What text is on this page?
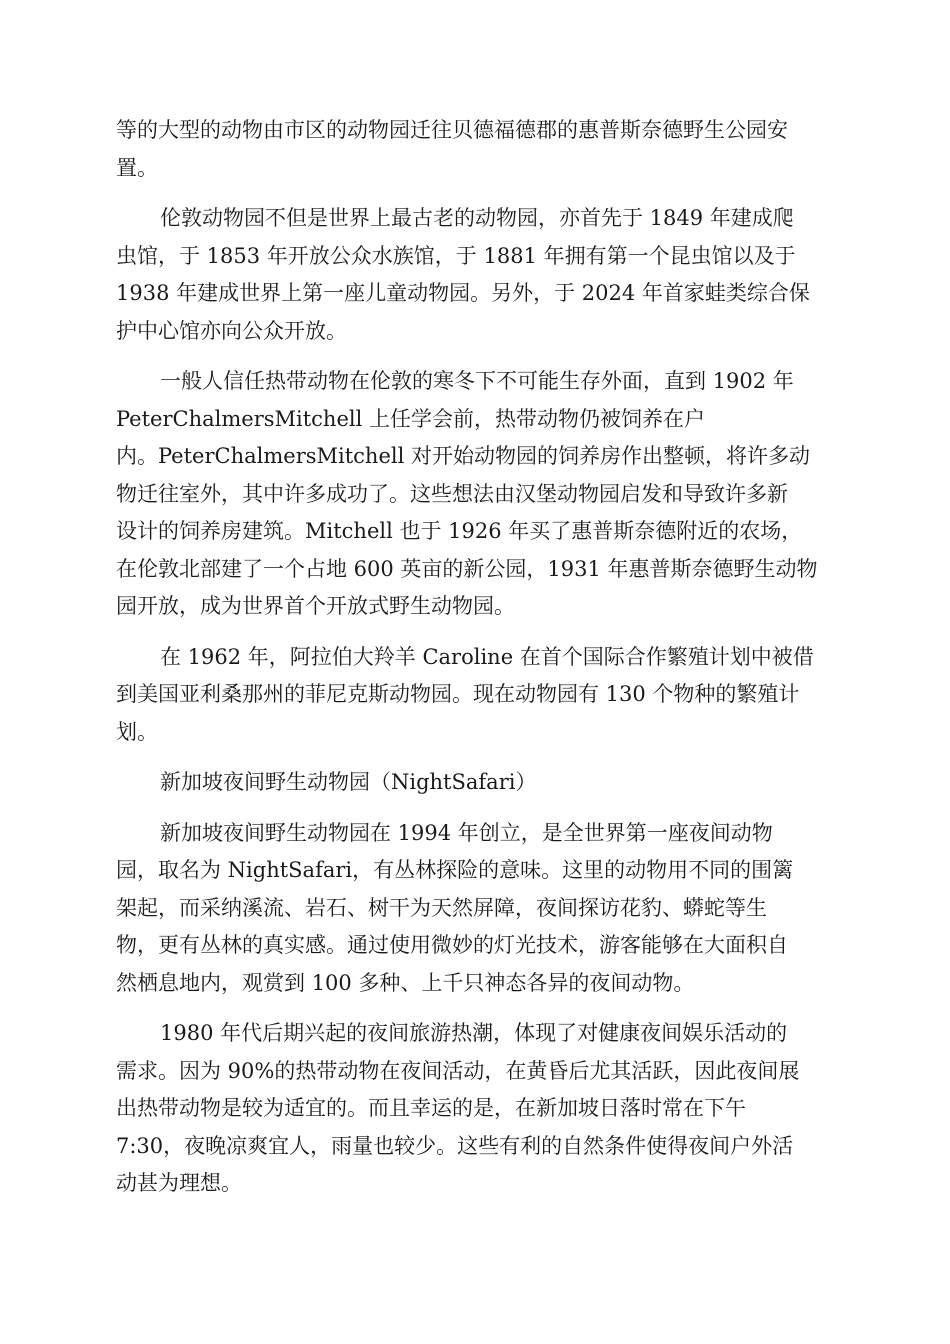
等的大型的动物由市区的动物园迁往贝德福德郡的惠普斯奈德野生公园安
置。
伦敦动物园不但是世界上最古老的动物园，亦首先于 1849 年建成爬
虫馆，于 1853 年开放公众水族馆，于 1881 年拥有第一个昆虫馆以及于
1938 年建成世界上第一座儿童动物园。另外，于 2024 年首家蛙类综合保
护中心馆亦向公众开放。
一般人信任热带动物在伦敦的寒冬下不可能生存外面，直到 1902 年
PeterChalmersMitchell 上任学会前，热带动物仍被饲养在户
内。PeterChalmersMitchell 对开始动物园的饲养房作出整顿，将许多动
物迁往室外，其中许多成功了。这些想法由汉堡动物园启发和导致许多新
设计的饲养房建筑。Mitchell 也于 1926 年买了惠普斯奈德附近的农场，
在伦敦北部建了一个占地 600 英亩的新公园，1931 年惠普斯奈德野生动物
园开放，成为世界首个开放式野生动物园。
在 1962 年，阿拉伯大羚羊 Caroline 在首个国际合作繁殖计划中被借
到美国亚利桑那州的菲尼克斯动物园。现在动物园有 130 个物种的繁殖计
划。
新加坡夜间野生动物园（NightSafari）
新加坡夜间野生动物园在 1994 年创立，是全世界第一座夜间动物
园，取名为 NightSafari，有丛林探险的意味。这里的动物用不同的围篱
架起，而采纳溪流、岩石、树干为天然屏障，夜间探访花豹、蟒蛇等生
物，更有丛林的真实感。通过使用微妙的灯光技术，游客能够在大面积自
然栖息地内，观赏到 100 多种、上千只神态各异的夜间动物。
1980 年代后期兴起的夜间旅游热潮，体现了对健康夜间娱乐活动的
需求。因为 90%的热带动物在夜间活动，在黄昏后尤其活跃，因此夜间展
出热带动物是较为适宜的。而且幸运的是，在新加坡日落时常在下午
7:30，夜晚凉爽宜人，雨量也较少。这些有利的自然条件使得夜间户外活
动甚为理想。
